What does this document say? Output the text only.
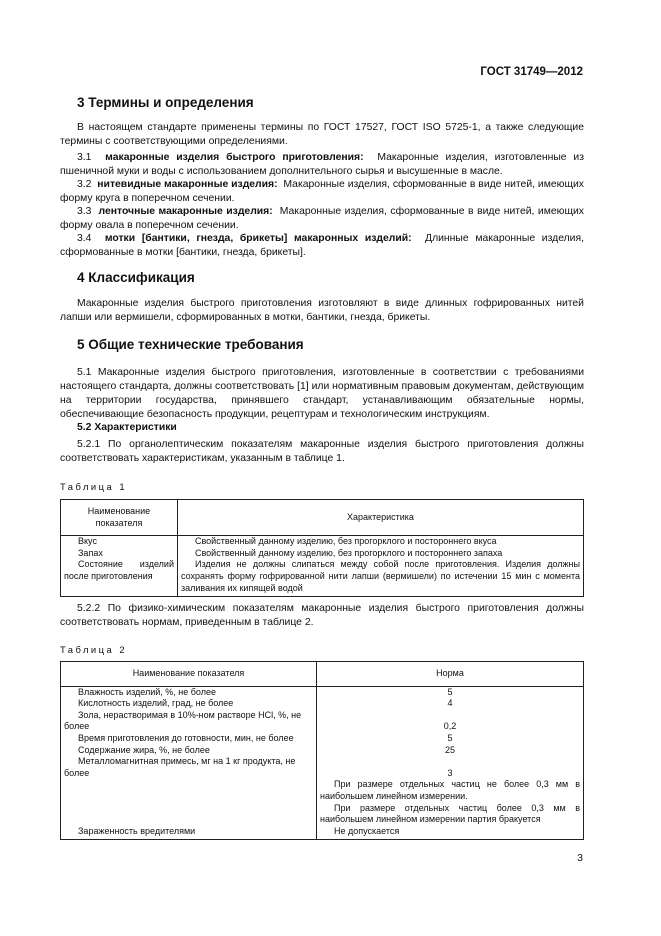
ГОСТ 31749—2012
3 Термины и определения
В настоящем стандарте применены термины по ГОСТ 17527, ГОСТ ISO 5725-1, а также следующие термины с соответствующими определениями.
3.1 макаронные изделия быстрого приготовления: Макаронные изделия, изготовленные из пшеничной муки и воды с использованием дополнительного сырья и высушенные в масле.
3.2 нитевидные макаронные изделия: Макаронные изделия, сформованные в виде нитей, имеющих форму круга в поперечном сечении.
3.3 ленточные макаронные изделия: Макаронные изделия, сформованные в виде нитей, имеющих форму овала в поперечном сечении.
3.4 мотки [бантики, гнезда, брикеты] макаронных изделий: Длинные макаронные изделия, сформованные в мотки [бантики, гнезда, брикеты].
4 Классификация
Макаронные изделия быстрого приготовления изготовляют в виде длинных гофрированных нитей лапши или вермишели, сформированных в мотки, бантики, гнезда, брикеты.
5 Общие технические требования
5.1 Макаронные изделия быстрого приготовления, изготовленные в соответствии с требованиями настоящего стандарта, должны соответствовать [1] или нормативным правовым документам, действующим на территории государства, принявшего стандарт, устанавливающим обязательные нормы, обеспечивающие безопасность продукции, рецептурам и технологическим инструкциям.
5.2 Характеристики
5.2.1 По органолептическим показателям макаронные изделия быстрого приготовления должны соответствовать характеристикам, указанным в таблице 1.
Таблица 1
Наименование показателя	Характеристика
Вкус	Свойственный данному изделию, без прогорклого и постороннего вкуса
Запах	Свойственный данному изделию, без прогорклого и постороннего запаха
Состояние изделий после приготовления	Изделия не должны слипаться между собой после приготовления. Изделия должны сохранять форму гофрированной нити лапши (вермишели) по истечении 15 мин с момента заливания их кипящей водой
5.2.2 По физико-химическим показателям макаронные изделия быстрого приготовления должны соответствовать нормам, приведенным в таблице 2.
Таблица 2
Наименование показателя	Норма
Влажность изделий, %, не более	5
Кислотность изделий, град, не более	4
Зола, нерастворимая в 10%-ном растворе HCl, %, не более	0,2
Время приготовления до готовности, мин, не более	5
Содержание жира, %, не более	25
Металломагнитная примесь, мг на 1 кг продукта, не более	3
	При размере отдельных частиц не более 0,3 мм в наибольшем линейном измерении.
	При размере отдельных частиц более 0,3 мм в наибольшем линейном измерении партия бракуется
Зараженность вредителями	Не допускается
3
